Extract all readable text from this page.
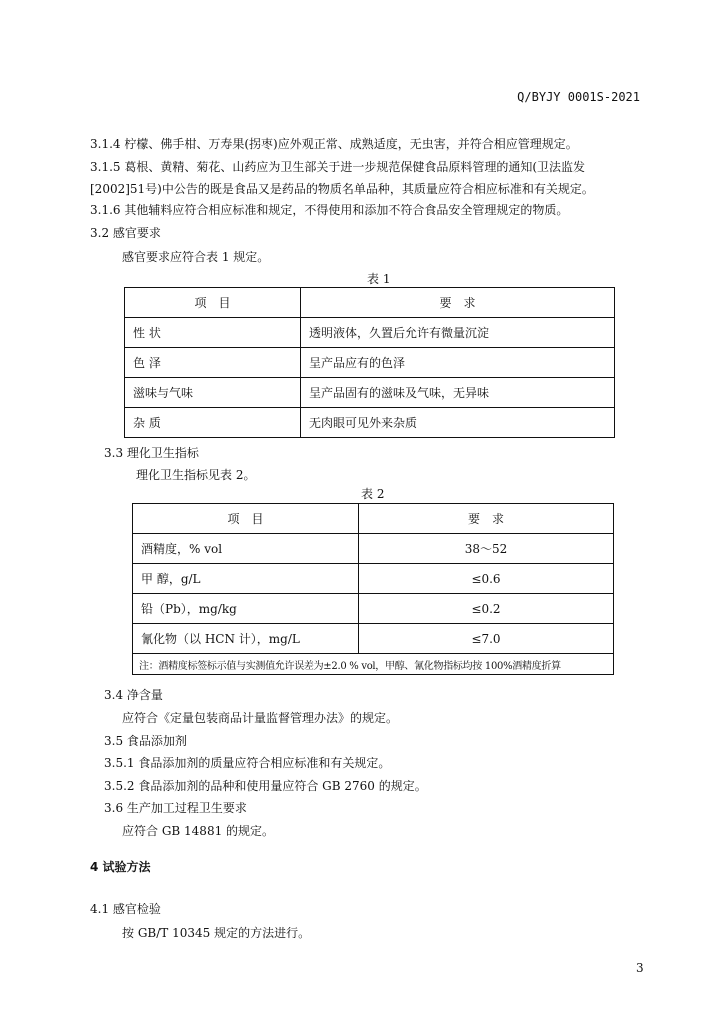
Q/BYJY 0001S-2021
3.1.4 柠檬、佛手柑、万寿果(拐枣)应外观正常、成熟适度，无虫害，并符合相应管理规定。
3.1.5 葛根、黄精、菊花、山药应为卫生部关于进一步规范保健食品原料管理的通知(卫法监发
[2002]51号)中公告的既是食品又是药品的物质名单品种，其质量应符合相应标准和有关规定。
3.1.6 其他辅料应符合相应标准和规定，不得使用和添加不符合食品安全管理规定的物质。
3.2 感官要求
感官要求应符合表 1 规定。
表 1
项　目	要　求
性 状	透明液体，久置后允许有微量沉淀
色 泽	呈产品应有的色泽
滋味与气味	呈产品固有的滋味及气味，无异味
杂 质	无肉眼可见外来杂质
3.3 理化卫生指标
理化卫生指标见表 2。
表 2
项　目	要　求
酒精度，% vol	38～52
甲 醇，g/L	≤0.6
铅（Pb），mg/kg	≤0.2
氰化物（以 HCN 计），mg/L	≤7.0
注：酒精度标签标示值与实测值允许误差为±2.0 % vol，甲醇、氰化物指标均按 100%酒精度折算	
3.4 净含量
应符合《定量包装商品计量监督管理办法》的规定。
3.5 食品添加剂
3.5.1 食品添加剂的质量应符合相应标准和有关规定。
3.5.2 食品添加剂的品种和使用量应符合 GB 2760 的规定。
3.6 生产加工过程卫生要求
应符合 GB 14881 的规定。
4 试验方法
4.1 感官检验
按 GB/T 10345 规定的方法进行。
3
